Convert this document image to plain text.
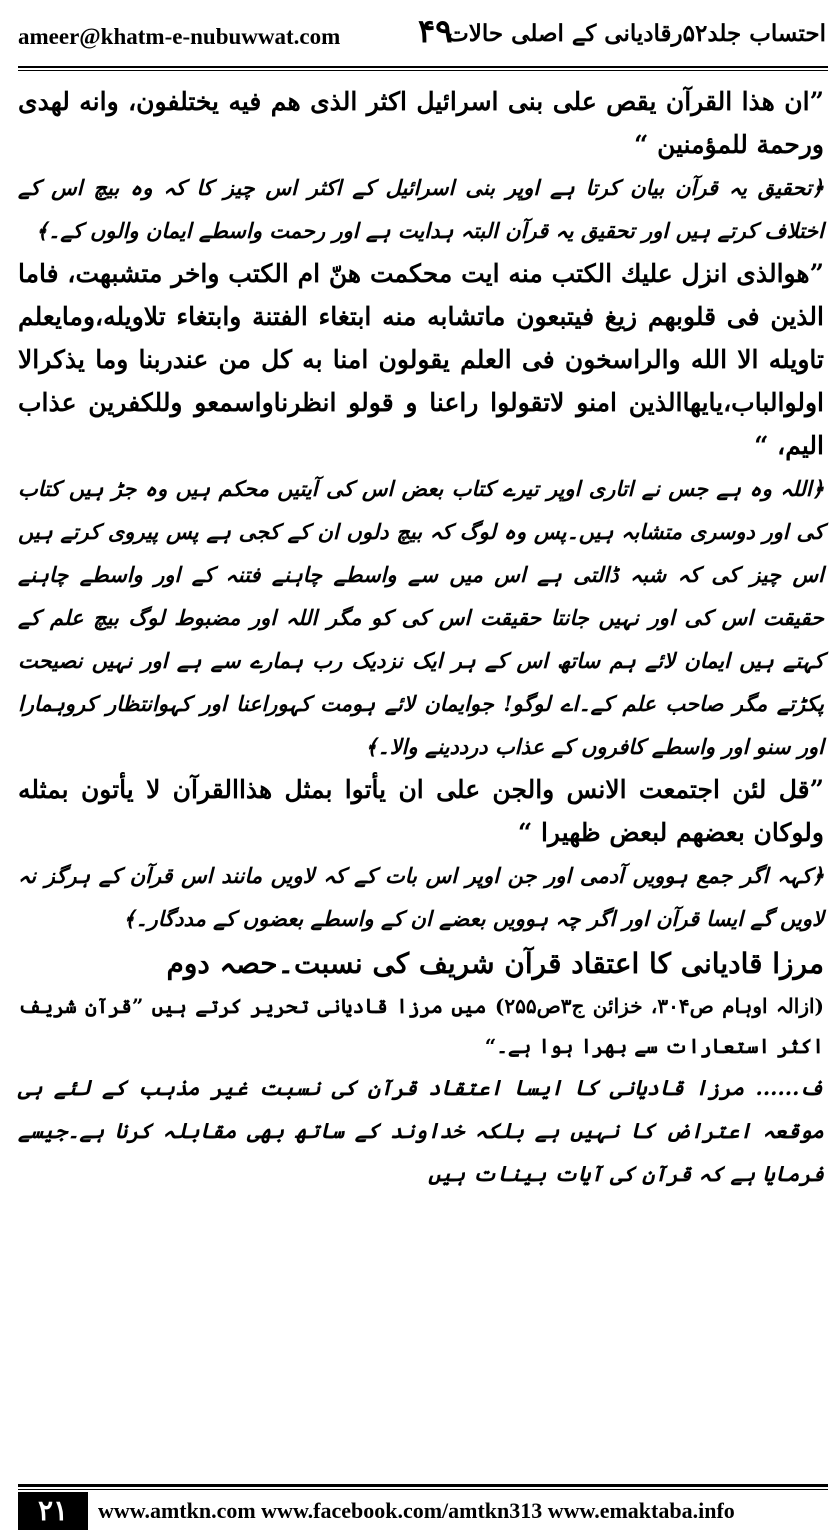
ameer@khatm-e-nubuwwat.com ۴۹
احتساب جلد۵۲رقادیانی کے اصلی حالات

”ان هذا القرآن يقص على بنى اسرائيل اكثر الذى هم فيه يختلفون، وانه لهدى ورحمة للمؤمنين “

﴿تحقیق یہ قرآن بیان کرتا ہے اوپر بنی اسرائیل کے اکثر اس چیز کا کہ وہ بیچ اس کے اختلاف کرتے ہیں اور تحقیق یہ قرآن البتہ ہدایت ہے اور رحمت واسطے ایمان والوں کے۔﴾

”هوالذى انزل عليك الكتب منه ايت محكمت هنّ ام الكتب واخر متشبهت، فاما الذين فى قلوبهم زيغ فيتبعون ماتشابه منه ابتغاء الفتنة وابتغاء تلاويله،ومايعلم تاويله الا الله والراسخون فى العلم يقولون امنا به كل من عندربنا وما يذكرالا اولوالباب،يايهاالذين امنو لاتقولوا راعنا و قولو انظرناواسمعو وللكفرين عذاب اليم، “

﴿اللہ وہ ہے جس نے اتاری اوپر تیرے کتاب بعض اس کی آیتیں محکم ہیں وہ جڑ ہیں کتاب کی اور دوسری متشابہ ہیں۔پس وہ لوگ کہ بیچ دلوں ان کے کجی ہے پس پیروی کرتے ہیں اس چیز کی کہ شبہ ڈالتی ہے اس میں سے واسطے چاہنے فتنہ کے اور واسطے چاہنے حقیقت اس کی اور نہیں جانتا حقیقت اس کی کو مگر اللہ اور مضبوط لوگ بیچ علم کے کہتے ہیں ایمان لائے ہم ساتھ اس کے ہر ایک نزدیک رب ہمارے سے ہے اور نہیں نصیحت پکڑتے مگر صاحب علم کے۔اے لوگو! جوایمان لائے ہومت کہوراعنا اور کہوانتظار کروہمارا اور سنو اور واسطے کافروں کے عذاب درددینے والا۔﴾

”قل لئن اجتمعت الانس والجن على ان يأتوا بمثل هذاالقرآن لا يأتون بمثله ولوكان بعضهم لبعض ظهيرا “

﴿کہہ اگر جمع ہوویں آدمی اور جن اوپر اس بات کے کہ لاویں مانند اس قرآن کے ہرگز نہ لاویں گے ایسا قرآن اور اگر چہ ہوویں بعضے ان کے واسطے بعضوں کے مددگار۔﴾

مرزا قادیانی کا اعتقاد قرآن شریف کی نسبت۔حصہ دوم

(ازالہ اوہام ص۳۰۴، خزائن ج۳ص۲۵۵) میں مرزا قادیانی تحریر کرتے ہیں ”قرآن شریف اکثر استعارات سے بھرا ہوا ہے۔“

ف...... مرزا قادیانی کا ایسا اعتقاد قرآن کی نسبت غیر مذہب کے لئے ہی موقعہ اعتراض کا نہیں ہے بلکہ خداوند کے ساتھ بھی مقابلہ کرنا ہے۔جیسے فرمایا ہے کہ قرآن کی آیات بینات ہیں

۲۱	www.amtkn.com www.facebook.com/amtkn313 www.emaktaba.info
